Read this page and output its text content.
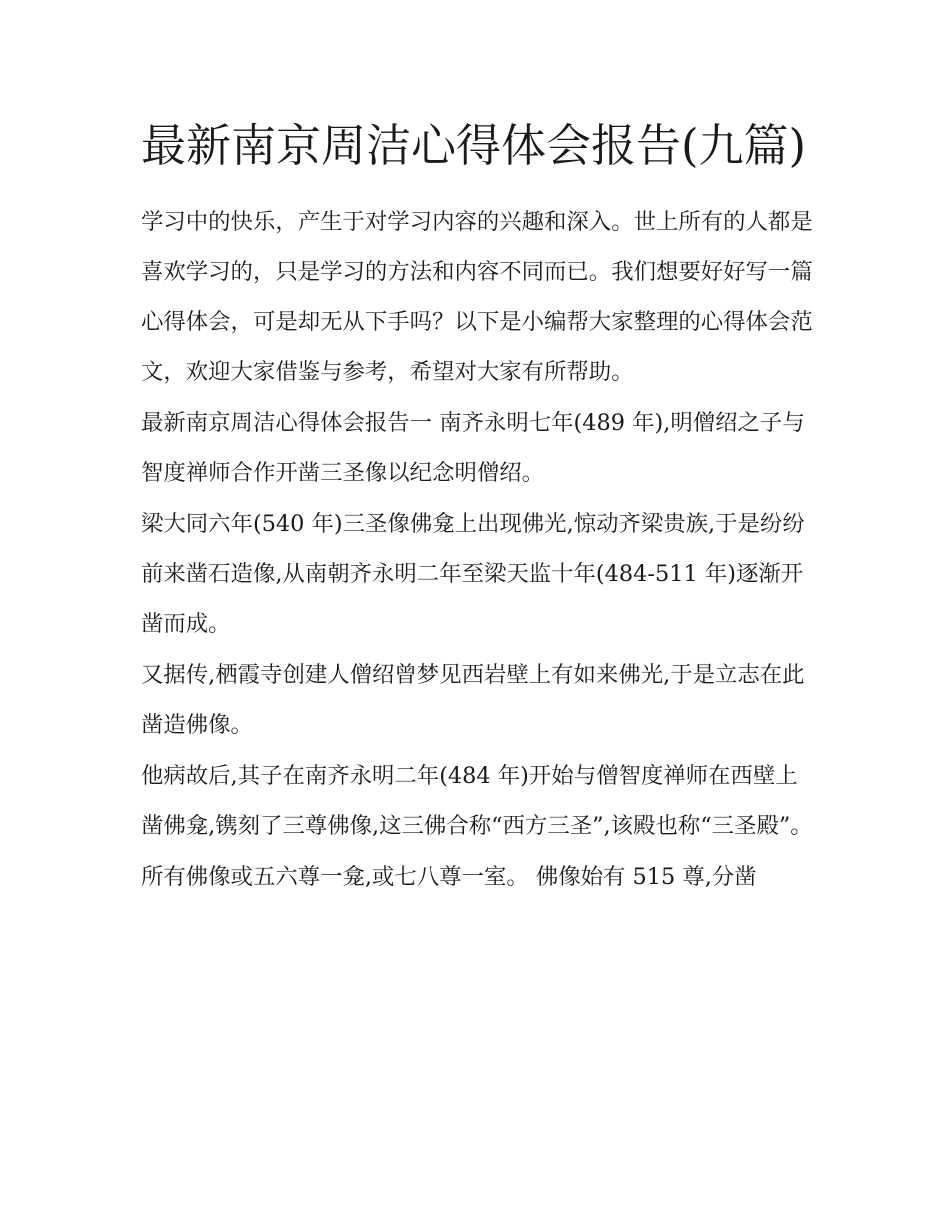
最新南京周洁心得体会报告(九篇)

学习中的快乐，产生于对学习内容的兴趣和深入。世上所有的人都是喜欢学习的，只是学习的方法和内容不同而已。我们想要好好写一篇心得体会，可是却无从下手吗？以下是小编帮大家整理的心得体会范文，欢迎大家借鉴与参考，希望对大家有所帮助。

最新南京周洁心得体会报告一 南齐永明七年(489 年),明僧绍之子与智度禅师合作开凿三圣像以纪念明僧绍。

梁大同六年(540 年)三圣像佛龛上出现佛光,惊动齐梁贵族,于是纷纷前来凿石造像,从南朝齐永明二年至梁天监十年(484-511 年)逐渐开凿而成。

又据传,栖霞寺创建人僧绍曾梦见西岩壁上有如来佛光,于是立志在此凿造佛像。

他病故后,其子在南齐永明二年(484 年)开始与僧智度禅师在西壁上凿佛龛,镌刻了三尊佛像,这三佛合称“西方三圣”,该殿也称“三圣殿”。

所有佛像或五六尊一龛,或七八尊一室。 佛像始有 515 尊,分凿
